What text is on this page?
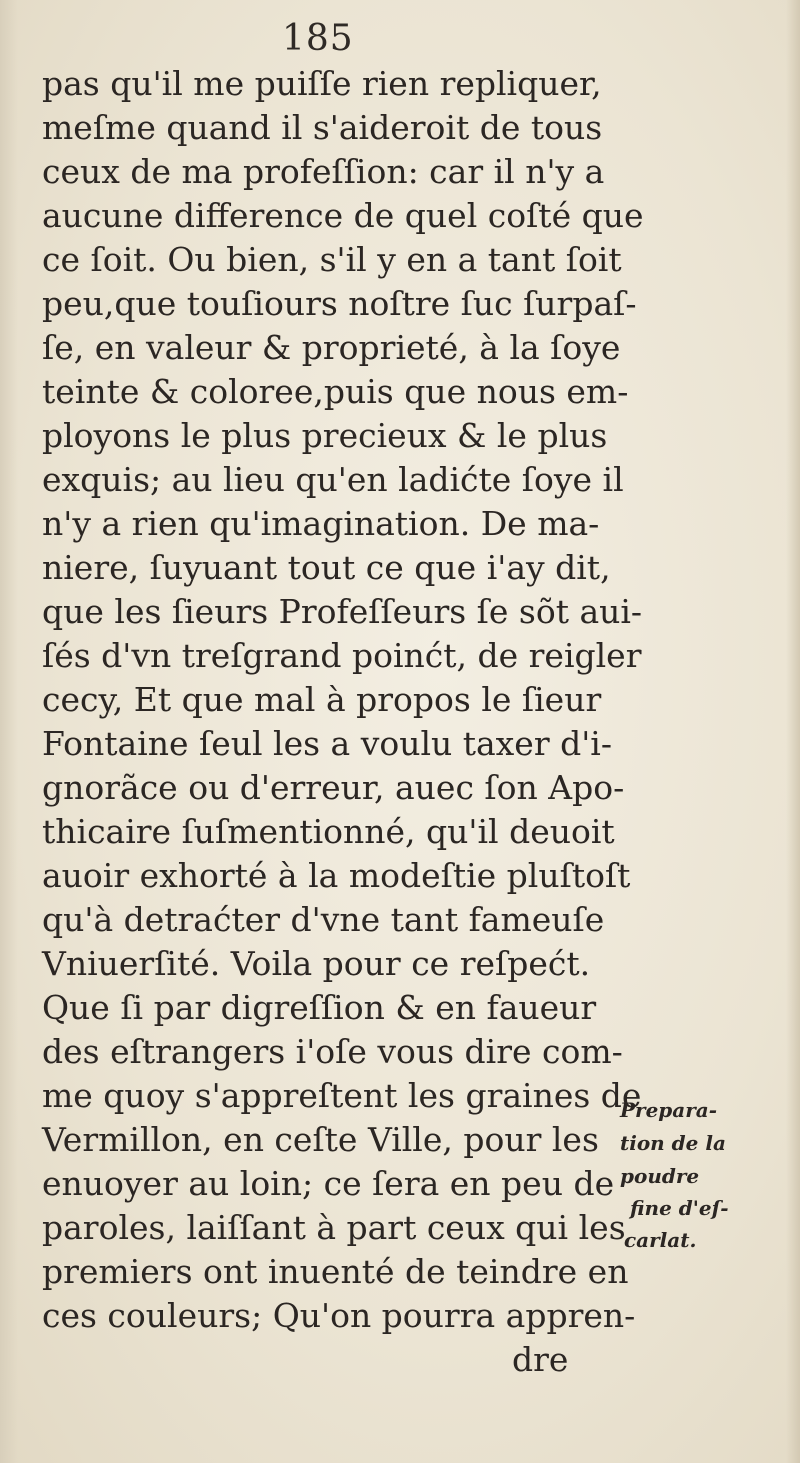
185
pas qu'il me puiſſe rien repliquer,
meſme quand il s'aideroit de tous
ceux de ma profeſſion: car il n'y a
aucune difference de quel coſté que
ce ſoit. Ou bien, s'il y en a tant ſoit
peu,que touſiours noſtre ſuc ſurpaſ-
ſe, en valeur & proprieté, à la ſoye
teinte & coloree,puis que nous em-
ployons le plus precieux & le plus
exquis; au lieu qu'en ladićte ſoye il
n'y a rien qu'imagination. De ma-
niere, ſuyuant tout ce que i'ay dit,
que les ſieurs Profeſſeurs ſe sõt aui-
ſés d'vn treſgrand poinćt, de reigler
cecy, Et que mal à propos le ſieur
Fontaine ſeul les a voulu taxer d'i-
gnorãce ou d'erreur, auec ſon Apo-
thicaire ſuſmentionné, qu'il deuoit
auoir exhorté à la modeſtie pluſtoſt
qu'à detraćter d'vne tant fameuſe
Vniuerſité. Voila pour ce reſpećt.
Que ſi par digreſſion & en faueur
des eſtrangers i'oſe vous dire com-
me quoy s'appreſtent les graines de
Vermillon, en ceſte Ville, pour les
enuoyer au loin; ce ſera en peu de
paroles, laiſſant à part ceux qui les
premiers ont inuenté de teindre en
ces couleurs; Qu'on pourra appren-
dre
Prepara-
tion de la
poudre
fine d'eſ-
carlat.
